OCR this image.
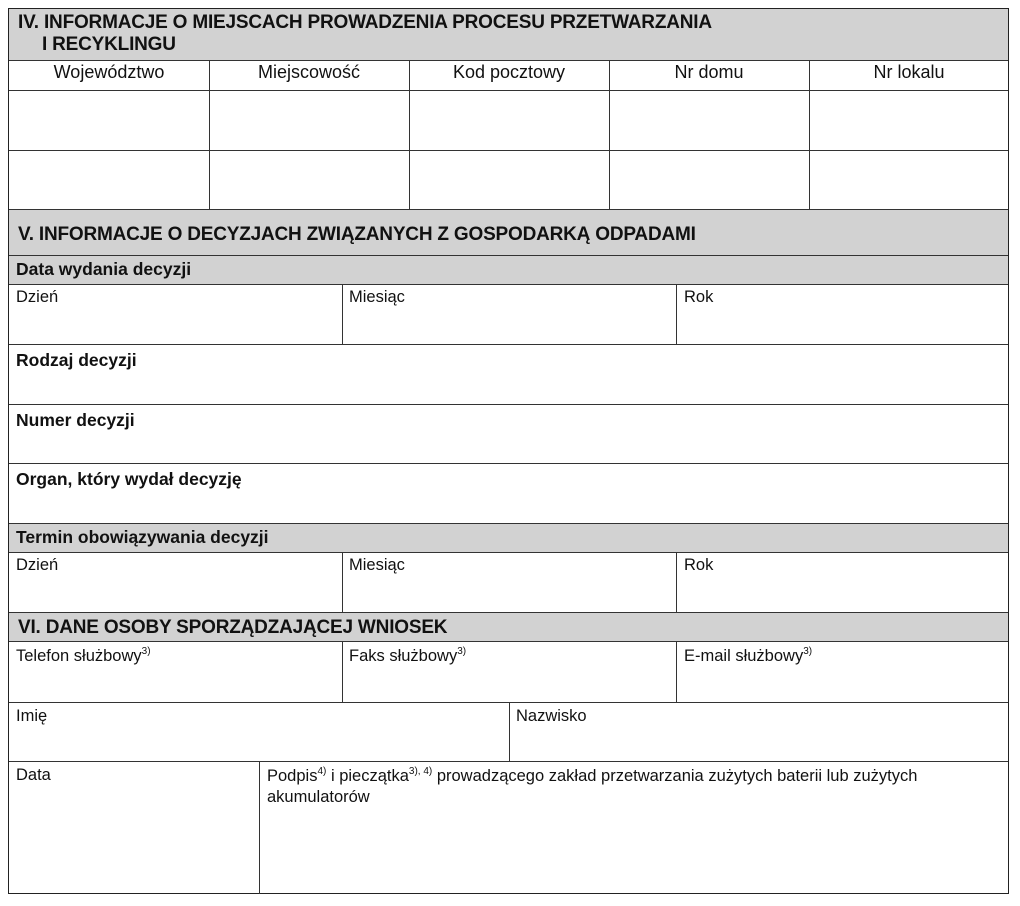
IV. INFORMACJE O MIEJSCACH PROWADZENIA PROCESU PRZETWARZANIA
I RECYKLINGU
Województwo	Miejscowość	Kod pocztowy	Nr domu	Nr lokalu
V. INFORMACJE O DECYZJACH ZWIĄZANYCH Z GOSPODARKĄ ODPADAMI
Data wydania decyzji
Dzień	Miesiąc	Rok
Rodzaj decyzji
Numer decyzji
Organ, który wydał decyzję
Termin obowiązywania decyzji
Dzień	Miesiąc	Rok
VI. DANE OSOBY SPORZĄDZAJĄCEJ WNIOSEK
Telefon służbowy$^{3)}$	Faks służbowy$^{3)}$	E-mail służbowy$^{3)}$
Imię	Nazwisko
Data	Podpis$^{4)}$ i pieczątka$^{3), 4)}$ prowadzącego zakład przetwarzania zużytych baterii lub zużytych akumulatorów
